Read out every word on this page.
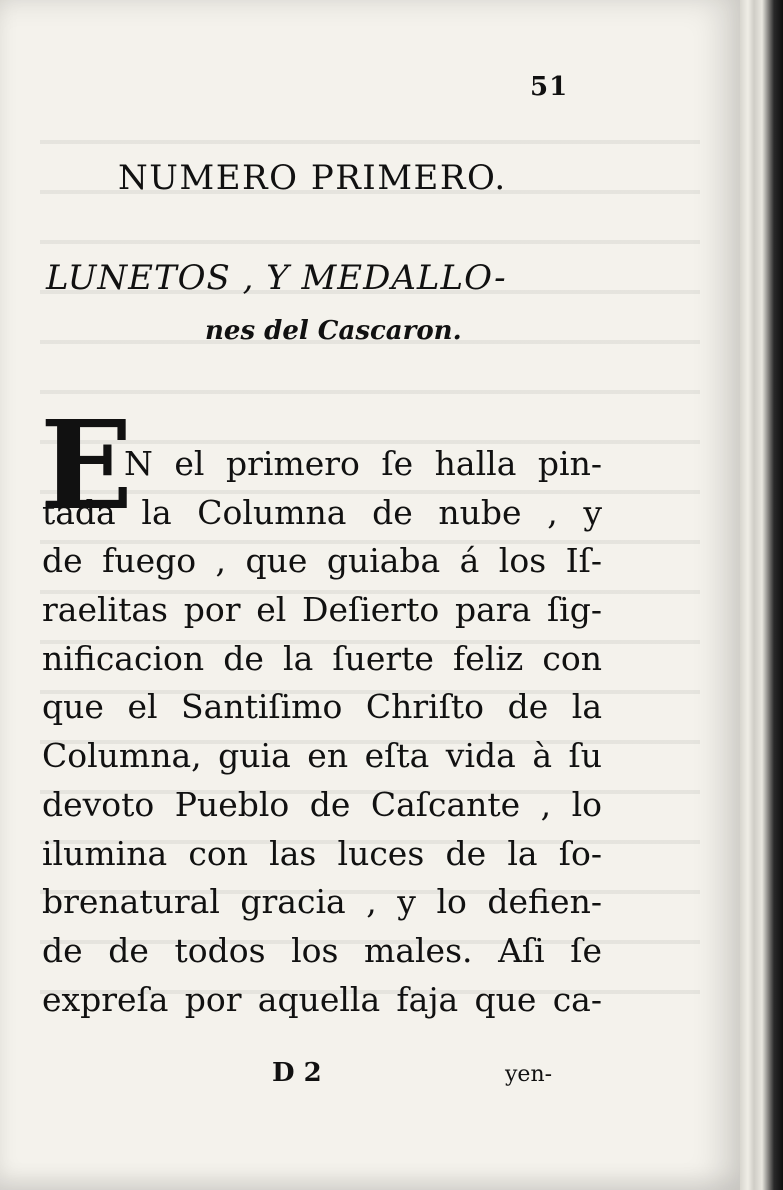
51
NUMERO PRIMERO.
LUNETOS , Y MEDALLO-
nes del Cascaron.
E
N el primero ſe halla pin-
tada la Columna de nube , y
de fuego , que guiaba á los Iſ-
raelitas por el Deſierto para ſig-
nificacion de la ſuerte feliz con
que el Santiſimo Chriſto de la
Columna, guia en eſta vida à ſu
devoto Pueblo de Caſcante , lo
ilumina con las luces de la ſo-
brenatural gracia , y lo defien-
de de todos los males. Aſi ſe
expreſa por aquella faja que ca-
D 2	yen-
